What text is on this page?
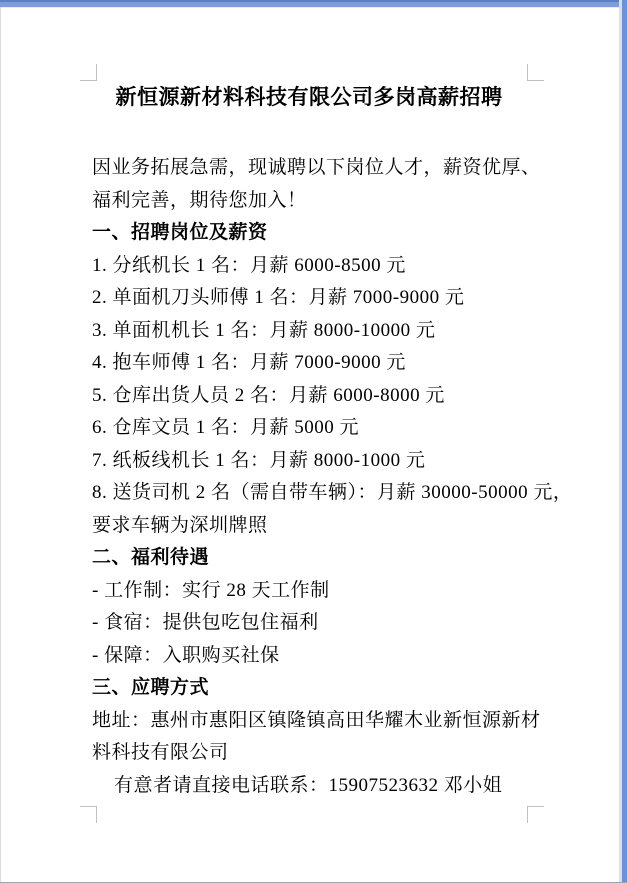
新恒源新材料科技有限公司多岗高薪招聘

因业务拓展急需，现诚聘以下岗位人才，薪资优厚、

福利完善，期待您加入！

一、招聘岗位及薪资

1. 分纸机长 1 名：月薪 6000-8500 元

2. 单面机刀头师傅 1 名：月薪 7000-9000 元

3. 单面机机长 1 名：月薪 8000-10000 元

4. 抱车师傅 1 名：月薪 7000-9000 元

5. 仓库出货人员 2 名：月薪 6000-8000 元

6. 仓库文员 1 名：月薪 5000 元

7. 纸板线机长 1 名：月薪 8000-1000 元

8. 送货司机 2 名（需自带车辆）：月薪 30000-50000 元，

要求车辆为深圳牌照

二、福利待遇

- 工作制：实行 28 天工作制

- 食宿：提供包吃包住福利

- 保障：入职购买社保

三、应聘方式

地址：惠州市惠阳区镇隆镇高田华耀木业新恒源新材

料科技有限公司

有意者请直接电话联系：15907523632 邓小姐
